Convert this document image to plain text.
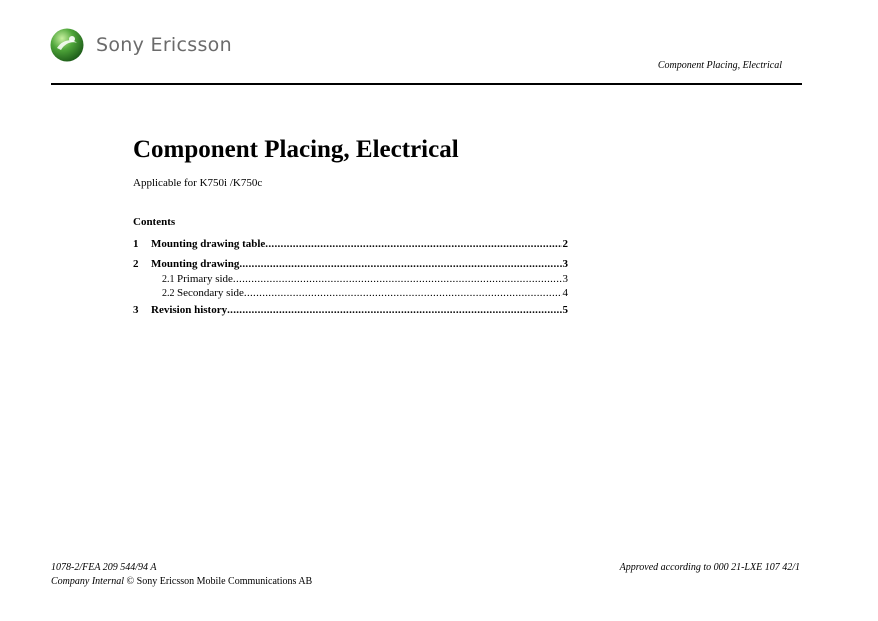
Sony Ericsson
Component Placing, Electrical
Component Placing, Electrical
Applicable for K750i /K750c
Contents
1	Mounting drawing table .....	2
2	Mounting drawing .....	3
2.1 Primary side .....	3
2.2 Secondary side .....	4
3	Revision history .....	5
1078-2/FEA 209 544/94 A
Company Internal © Sony Ericsson Mobile Communications AB
Approved according to 000 21-LXE 107 42/1
